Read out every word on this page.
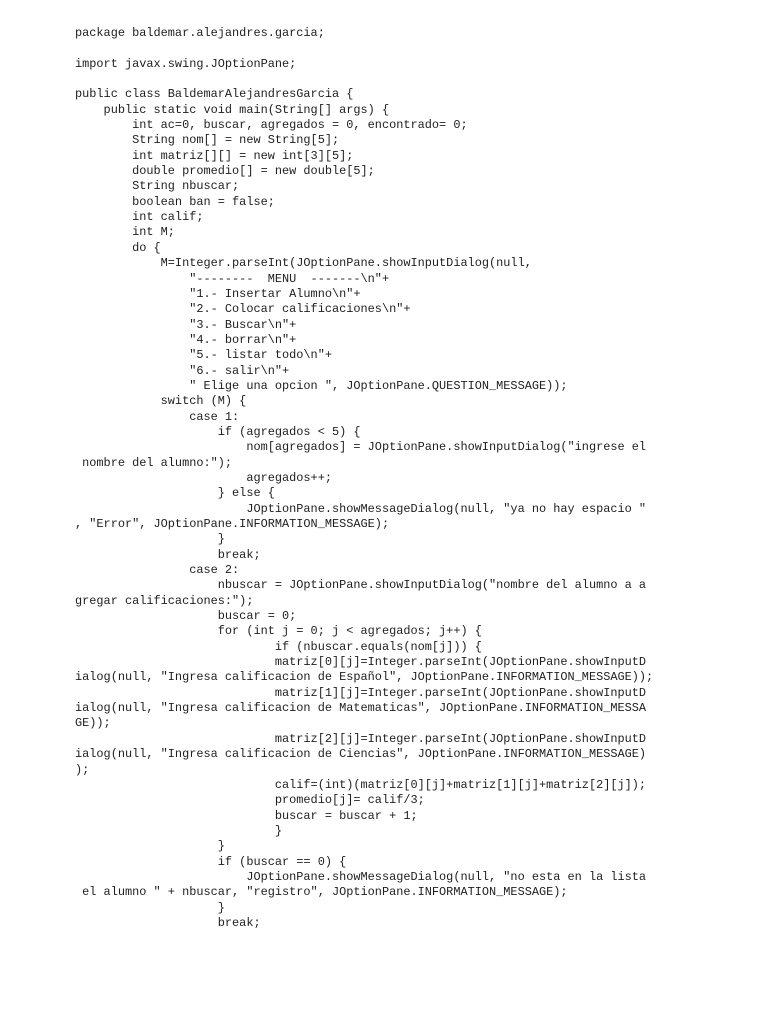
package baldemar.alejandres.garcia;
import javax.swing.JOptionPane;
public class BaldemarAlejandresGarcia {
public static void main(String[] args) {
int ac=0, buscar, agregados = 0, encontrado= 0;
String nom[] = new String[5];
int matriz[][] = new int[3][5];
double promedio[] = new double[5];
String nbuscar;
boolean ban = false;
int calif;
int M;
do {
M=Integer.parseInt(JOptionPane.showInputDialog(null,
"--------  MENU  -------\n"+
"1.- Insertar Alumno\n"+
"2.- Colocar calificaciones\n"+
"3.- Buscar\n"+
"4.- borrar\n"+
"5.- listar todo\n"+
"6.- salir\n"+
" Elige una opcion ", JOptionPane.QUESTION_MESSAGE));
switch (M) {
case 1:
if (agregados < 5) {
nom[agregados] = JOptionPane.showInputDialog("ingrese el
nombre del alumno:");
agregados++;
} else {
JOptionPane.showMessageDialog(null, "ya no hay espacio "
, "Error", JOptionPane.INFORMATION_MESSAGE);
}
break;
case 2:
nbuscar = JOptionPane.showInputDialog("nombre del alumno a a
gregar calificaciones:");
buscar = 0;
for (int j = 0; j < agregados; j++) {
if (nbuscar.equals(nom[j])) {
matriz[0][j]=Integer.parseInt(JOptionPane.showInputD
ialog(null, "Ingresa calificacion de Español", JOptionPane.INFORMATION_MESSAGE));
matriz[1][j]=Integer.parseInt(JOptionPane.showInputD
ialog(null, "Ingresa calificacion de Matematicas", JOptionPane.INFORMATION_MESSA
GE));
matriz[2][j]=Integer.parseInt(JOptionPane.showInputD
ialog(null, "Ingresa calificacion de Ciencias", JOptionPane.INFORMATION_MESSAGE)
);
calif=(int)(matriz[0][j]+matriz[1][j]+matriz[2][j]);
promedio[j]= calif/3;
buscar = buscar + 1;
}
}
if (buscar == 0) {
JOptionPane.showMessageDialog(null, "no esta en la lista
el alumno " + nbuscar, "registro", JOptionPane.INFORMATION_MESSAGE);
}
break;
